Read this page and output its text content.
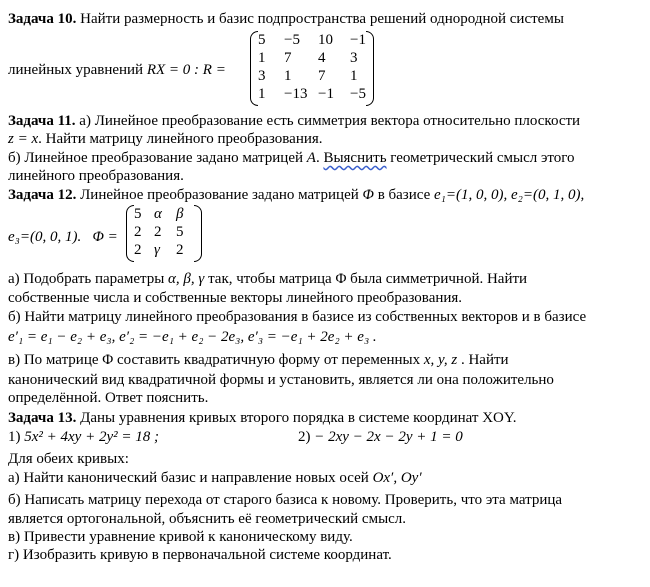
Задача 10. Найти размерность и базис подпространства решений однородной системы
линейных уравнений RX = 0 : R =
5	−5	10	−1
1	7	4	3
3	1	7	1
1	−13	−1	−5
Задача 11. а) Линейное преобразование есть симметрия вектора относительно плоскости
z = x. Найти матрицу линейного преобразования.
б) Линейное преобразование задано матрицей A. Выяснить геометрический смысл этого
линейного преобразования.
Задача 12. Линейное преобразование задано матрицей Φ в базисе e₁=(1, 0, 0), e₂=(0, 1, 0),
e₃=(0, 0, 1). Φ =
5	α	β
2	2	5
2	γ	2
а) Подобрать параметры α, β, γ так, чтобы матрица Φ была симметричной. Найти
собственные числа и собственные векторы линейного преобразования.
б) Найти матрицу линейного преобразования в базисе из собственных векторов и в базисе
e′₁ = e₁ − e₂ + e₃, e′₂ = −e₁ + e₂ − 2e₃, e′₃ = −e₁ + 2e₂ + e₃ .
в) По матрице Φ составить квадратичную форму от переменных x, y, z . Найти
канонический вид квадратичной формы и установить, является ли она положительно
определённой. Ответ пояснить.
Задача 13. Даны уравнения кривых второго порядка в системе координат XOY.
1) 5x² + 4xy + 2y² = 18 ;	2) − 2xy − 2x − 2y + 1 = 0
Для обеих кривых:
а) Найти канонический базис и направление новых осей Ox′, Oy′
б) Написать матрицу перехода от старого базиса к новому. Проверить, что эта матрица
является ортогональной, объяснить её геометрический смысл.
в) Привести уравнение кривой к каноническому виду.
г) Изобразить кривую в первоначальной системе координат.
